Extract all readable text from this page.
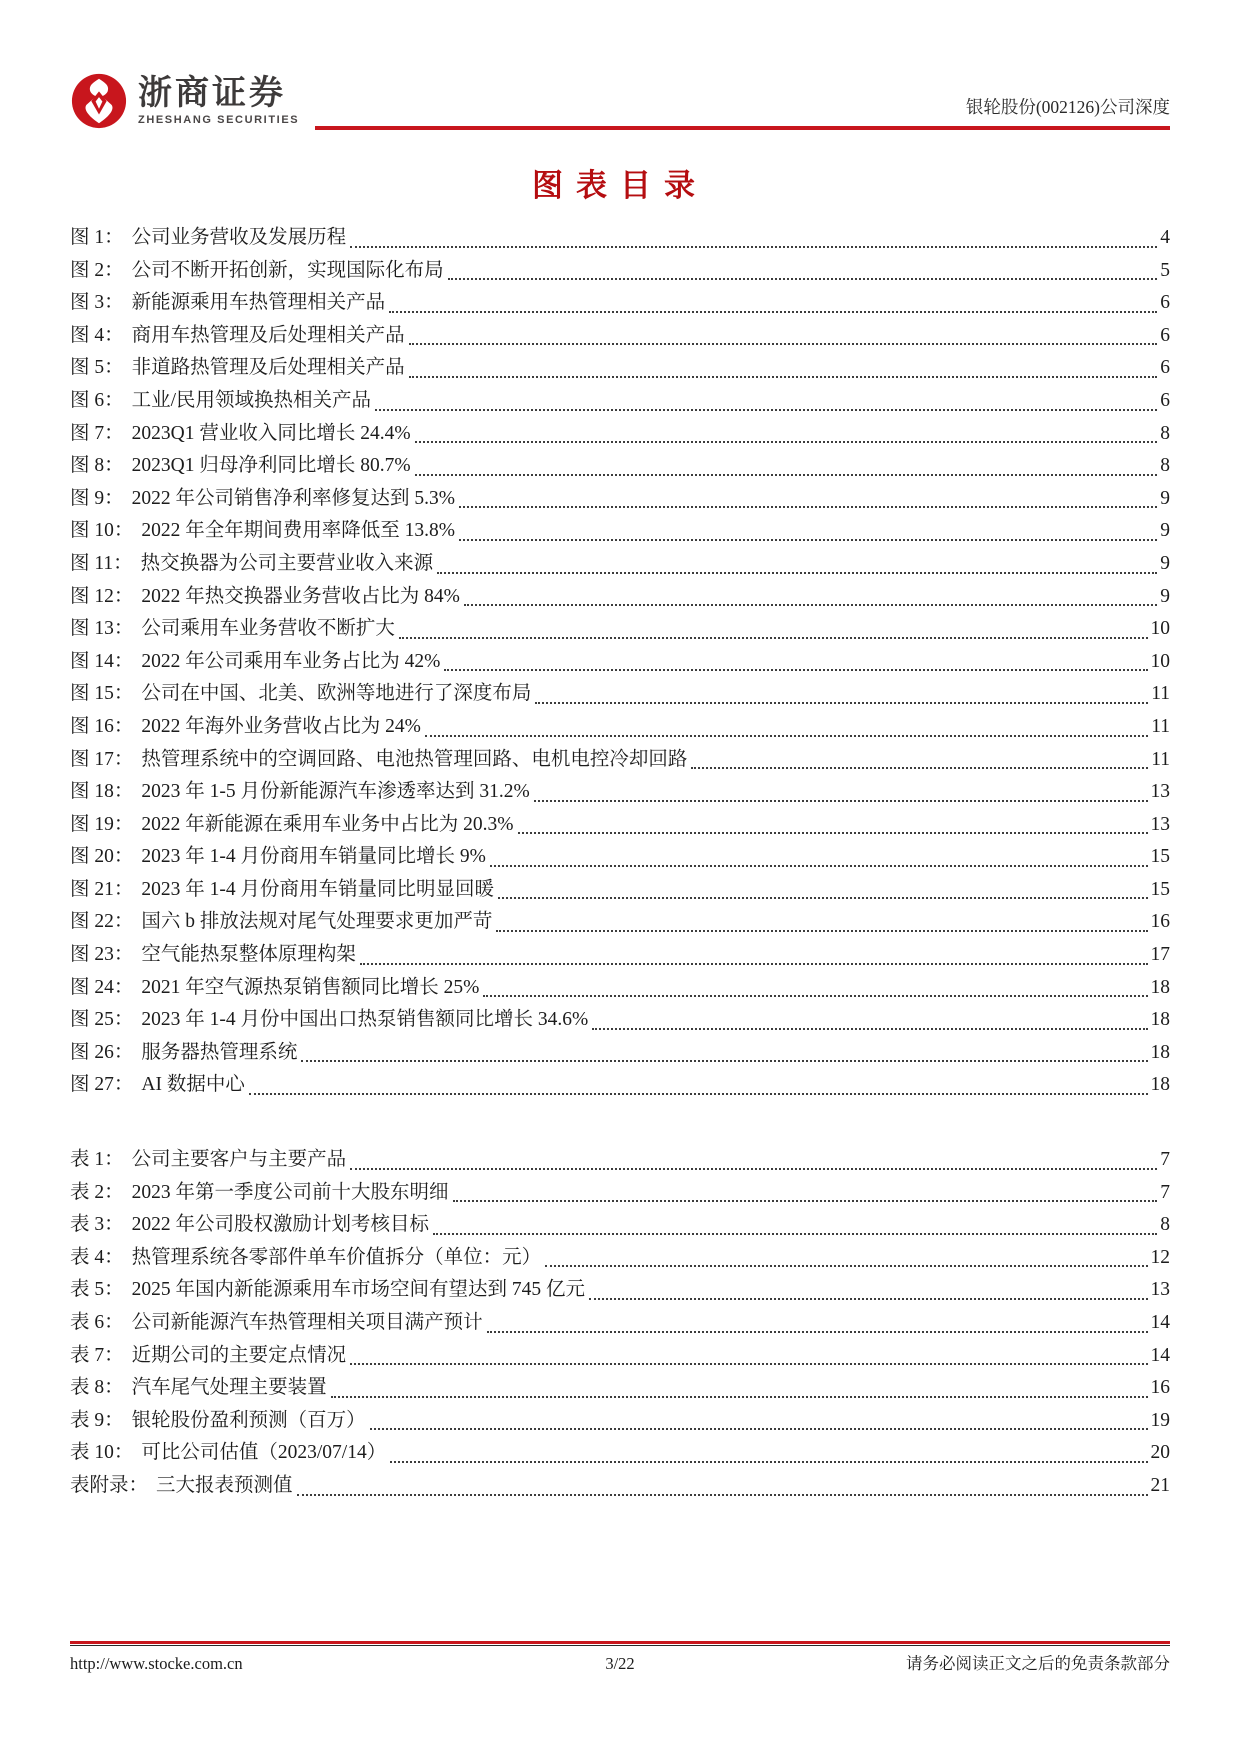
浙商证券
ZHESHANG SECURITIES
银轮股份(002126)公司深度
图表目录
图 1： 公司业务营收及发展历程	4
图 2： 公司不断开拓创新，实现国际化布局	5
图 3： 新能源乘用车热管理相关产品	6
图 4： 商用车热管理及后处理相关产品	6
图 5： 非道路热管理及后处理相关产品	6
图 6： 工业/民用领域换热相关产品	6
图 7： 2023Q1 营业收入同比增长 24.4%	8
图 8： 2023Q1 归母净利同比增长 80.7%	8
图 9： 2022 年公司销售净利率修复达到 5.3%	9
图 10： 2022 年全年期间费用率降低至 13.8%	9
图 11： 热交换器为公司主要营业收入来源	9
图 12： 2022 年热交换器业务营收占比为 84%	9
图 13： 公司乘用车业务营收不断扩大	10
图 14： 2022 年公司乘用车业务占比为 42%	10
图 15： 公司在中国、北美、欧洲等地进行了深度布局	11
图 16： 2022 年海外业务营收占比为 24%	11
图 17： 热管理系统中的空调回路、电池热管理回路、电机电控冷却回路	11
图 18： 2023 年 1-5 月份新能源汽车渗透率达到 31.2%	13
图 19： 2022 年新能源在乘用车业务中占比为 20.3%	13
图 20： 2023 年 1-4 月份商用车销量同比增长 9%	15
图 21： 2023 年 1-4 月份商用车销量同比明显回暖	15
图 22： 国六 b 排放法规对尾气处理要求更加严苛	16
图 23： 空气能热泵整体原理构架	17
图 24： 2021 年空气源热泵销售额同比增长 25%	18
图 25： 2023 年 1-4 月份中国出口热泵销售额同比增长 34.6%	18
图 26： 服务器热管理系统	18
图 27： AI 数据中心	18
表 1： 公司主要客户与主要产品	7
表 2： 2023 年第一季度公司前十大股东明细	7
表 3： 2022 年公司股权激励计划考核目标	8
表 4： 热管理系统各零部件单车价值拆分（单位：元）	12
表 5： 2025 年国内新能源乘用车市场空间有望达到 745 亿元	13
表 6： 公司新能源汽车热管理相关项目满产预计	14
表 7： 近期公司的主要定点情况	14
表 8： 汽车尾气处理主要装置	16
表 9： 银轮股份盈利预测（百万）	19
表 10： 可比公司估值（2023/07/14）	20
表附录： 三大报表预测值	21
http://www.stocke.com.cn	3/22	请务必阅读正文之后的免责条款部分
